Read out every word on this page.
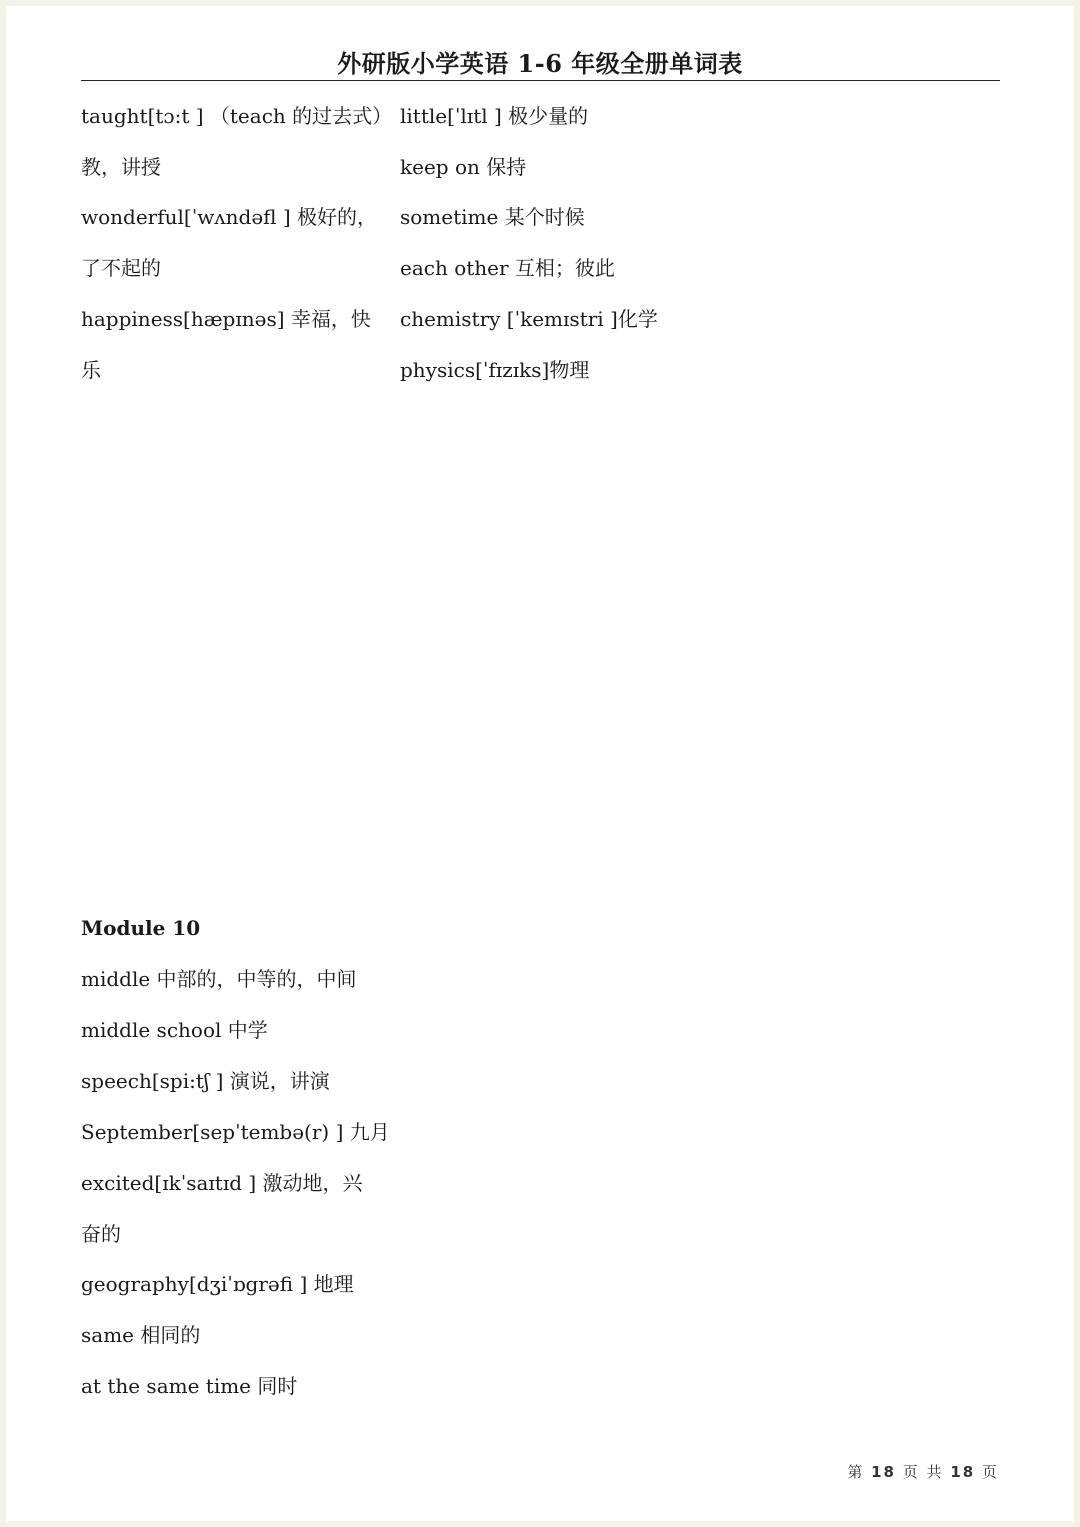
外研版小学英语 1-6 年级全册单词表
taught[tɔ:t ] （teach 的过去式）
教，讲授
wonderful[ˈwʌndəfl ] 极好的，
了不起的
happiness[hæpɪnəs] 幸福，快
乐
little[ˈlɪtl ] 极少量的
keep on 保持
sometime 某个时候
each other 互相；彼此
chemistry [ˈkemɪstri ]化学
physics[ˈfɪzɪks]物理
Module 10
middle 中部的，中等的，中间
middle school 中学
speech[spi:tʃ ] 演说，讲演
September[sepˈtembə(r) ] 九月
excited[ɪkˈsaɪtɪd ] 激动地，兴
奋的
geography[dʒiˈɒgrəfi ] 地理
same 相同的
at the same time 同时
第 18 页 共 18 页
